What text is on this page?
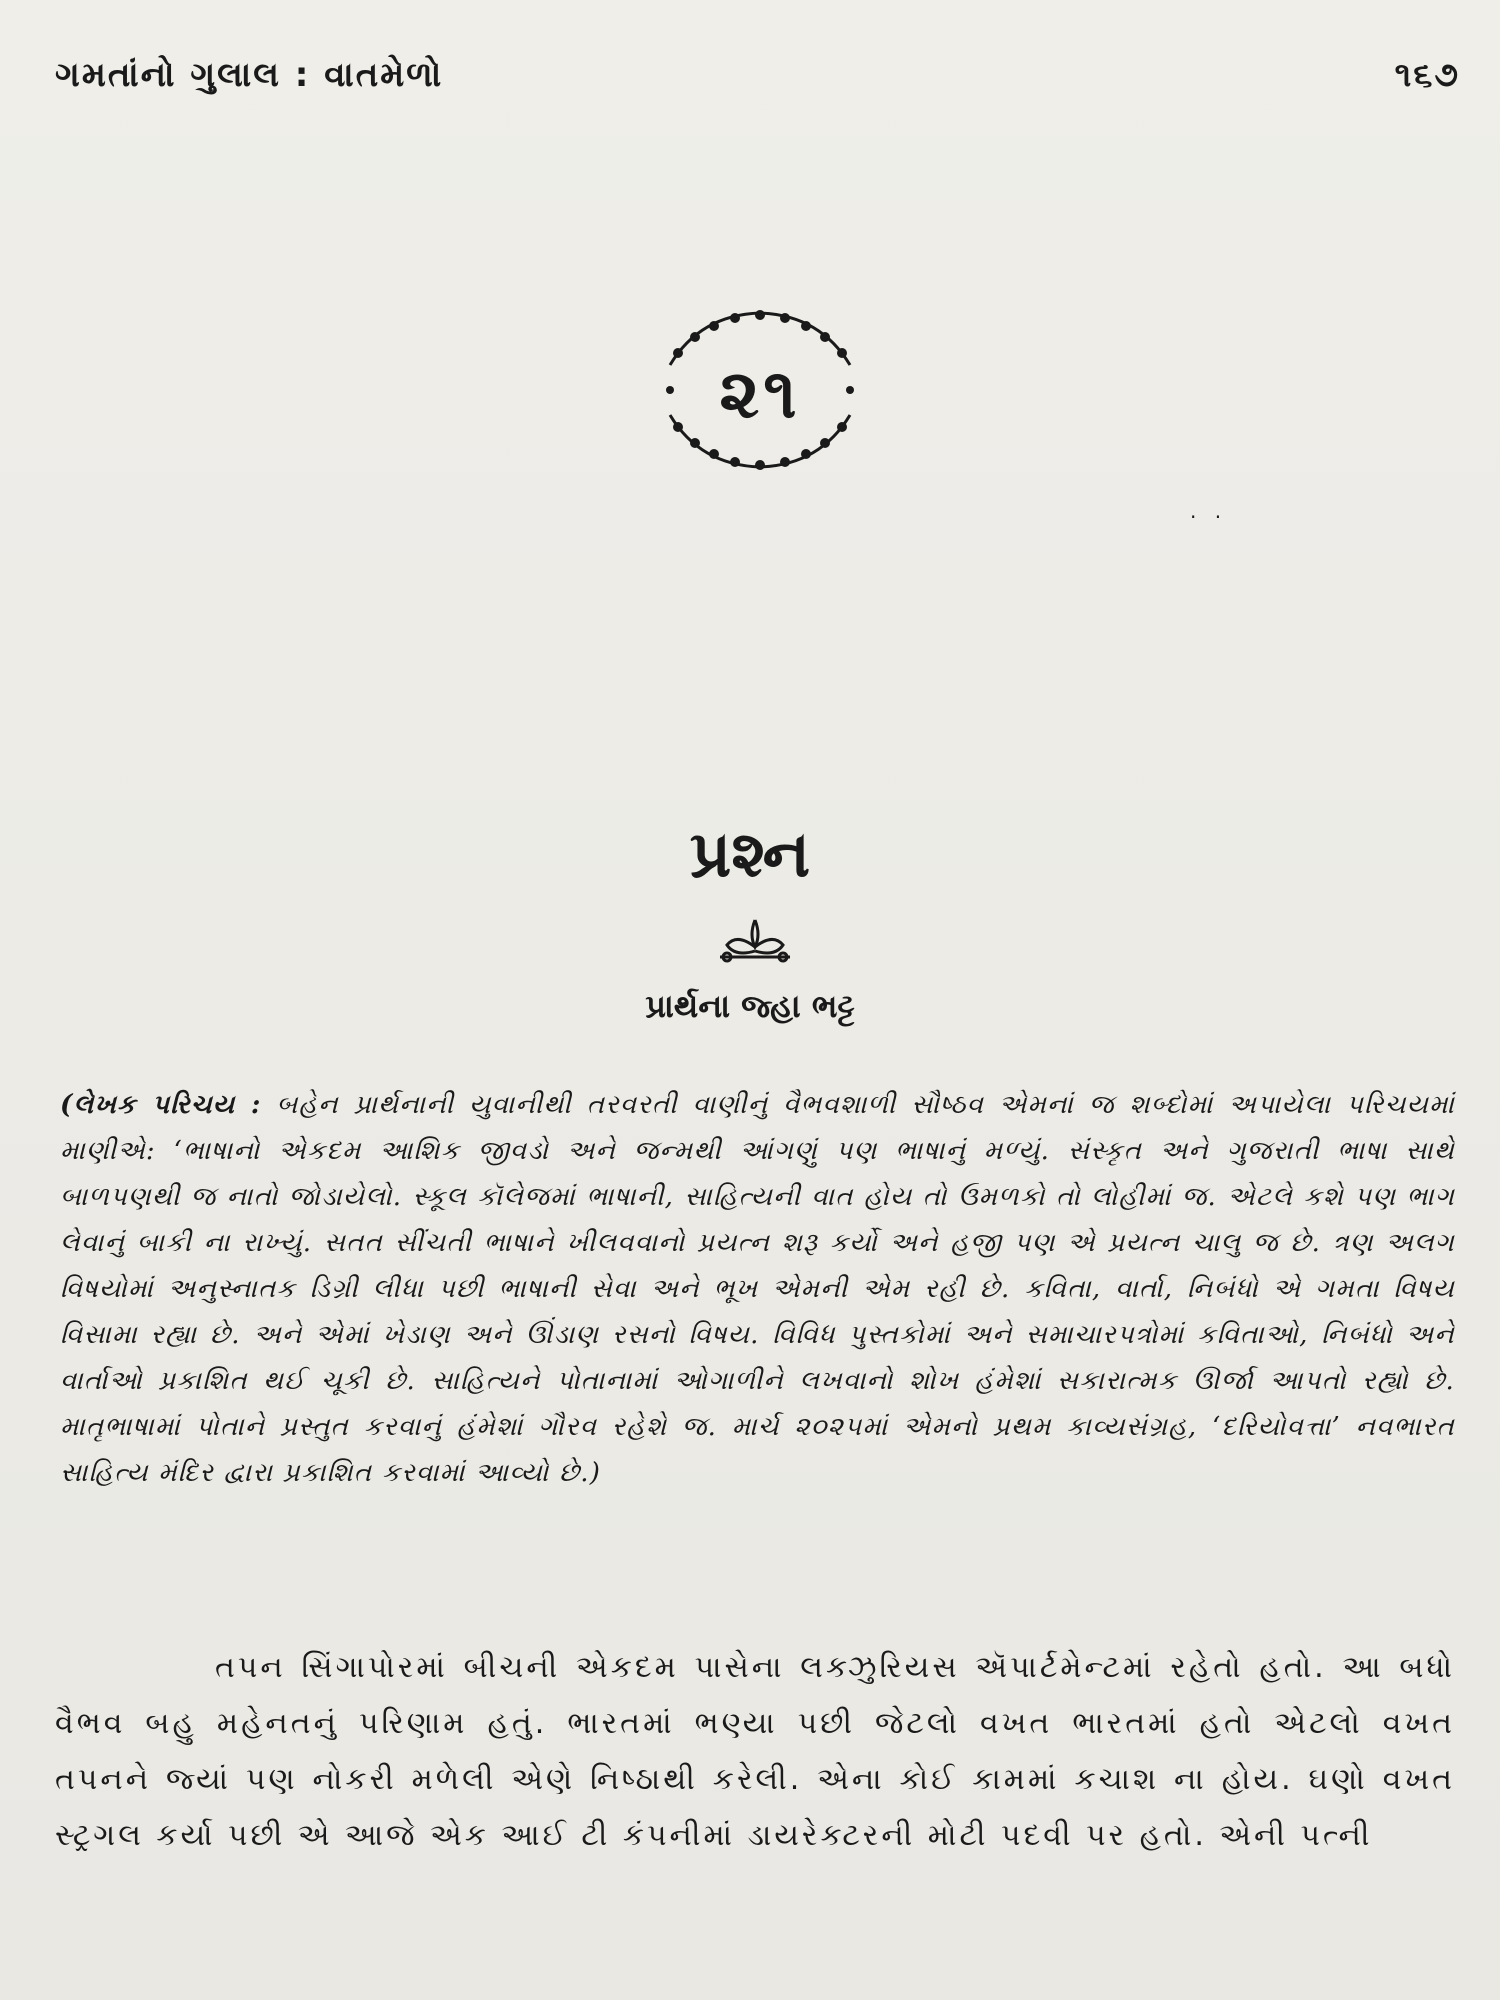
ગમતાંનો ગુલાલ : વાતમેળો	૧૬૭
૨૧
· ·
પ્રશ્ન
પ્રાર્થના જ્હા ભટ્ટ
(લેખક પરિચય : બહેન પ્રાર્થનાની યુવાનીથી તરવરતી વાણીનું વૈભવશાળી સૌષ્ઠવ એમનાં જ શબ્દોમાં અપાયેલા પરિચયમાં માણીએ: ‘ભાષાનો એકદમ આશિક જીવડો અને જન્મથી આંગણું પણ ભાષાનું મળ્યું. સંસ્કૃત અને ગુજરાતી ભાષા સાથે બાળપણથી જ નાતો જોડાયેલો. સ્કૂલ કૉલેજમાં ભાષાની, સાહિત્યની વાત હોય તો ઉમળકો તો લોહીમાં જ. એટલે કશે પણ ભાગ લેવાનું બાકી ના રાખ્યું. સતત સીંચતી ભાષાને ખીલવવાનો પ્રયત્ન શરૂ કર્યો અને હજી પણ એ પ્રયત્ન ચાલુ જ છે. ત્રણ અલગ વિષયોમાં અનુસ્નાતક ડિગ્રી લીધા પછી ભાષાની સેવા અને ભૂખ એમની એમ રહી છે. કવિતા, વાર્તા, નિબંધો એ ગમતા વિષય વિસામા રહ્યા છે. અને એમાં ખેડાણ અને ઊંડાણ રસનો વિષય. વિવિધ પુસ્તકોમાં અને સમાચારપત્રોમાં કવિતાઓ, નિબંધો અને વાર્તાઓ પ્રકાશિત થઈ ચૂકી છે. સાહિત્યને પોતાનામાં ઓગાળીને લખવાનો શોખ હંમેશાં સકારાત્મક ઊર્જા આપતો રહ્યો છે. માતૃભાષામાં પોતાને પ્રસ્તુત કરવાનું હંમેશાં ગૌરવ રહેશે જ. માર્ચ ૨૦૨૫માં એમનો પ્રથમ કાવ્યસંગ્રહ, ‘દરિયોવત્તા’ નવભારત સાહિત્ય મંદિર દ્વારા પ્રકાશિત કરવામાં આવ્યો છે.)
તપન સિંગાપોરમાં બીચની એકદમ પાસેના લક્ઝુરિયસ ઍપાર્ટમેન્ટમાં રહેતો હતો. આ બધો વૈભવ બહુ મહેનતનું પરિણામ હતું. ભારતમાં ભણ્યા પછી જેટલો વખત ભારતમાં હતો એટલો વખત તપનને જ્યાં પણ નોકરી મળેલી એણે નિષ્ઠાથી કરેલી. એના કોઈ કામમાં કચાશ ના હોય. ઘણો વખત સ્ટ્રગલ કર્યા પછી એ આજે એક આઈ ટી કંપનીમાં ડાયરેક્ટરની મોટી પદવી પર હતો. એની પત્ની
